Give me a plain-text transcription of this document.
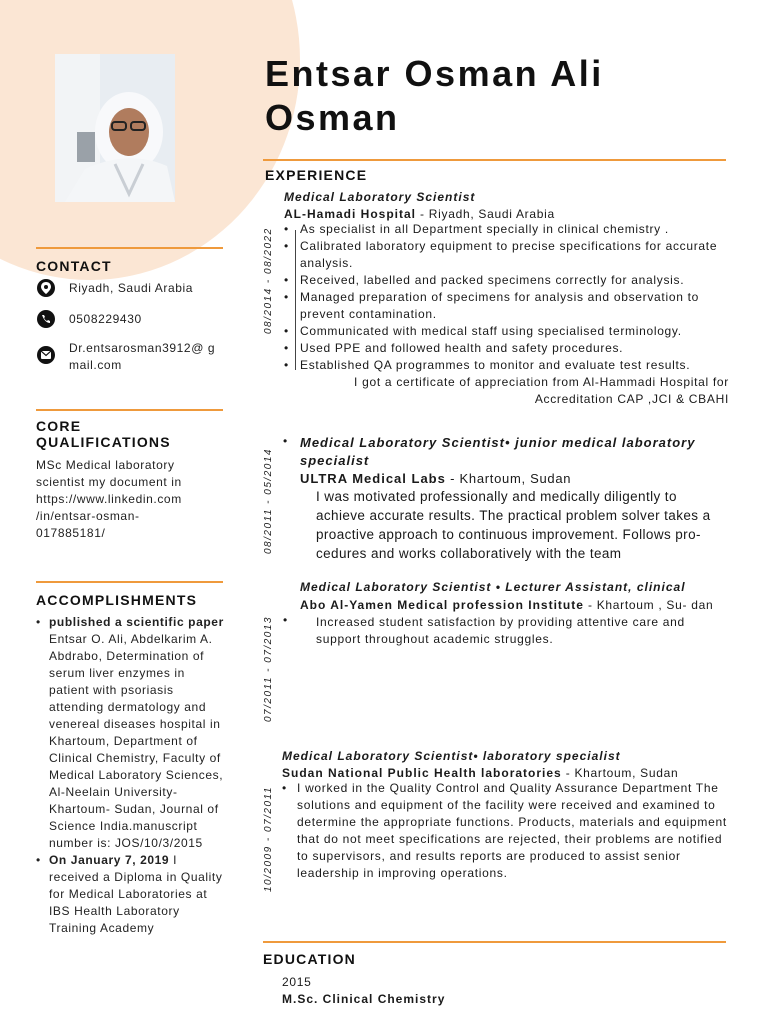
Entsar Osman Ali Osman
CONTACT
Riyadh, Saudi Arabia
0508229430
Dr.entsarosman3912@ gmail.com
CORE QUALIFICATIONS
MSc Medical laboratory scientist my document in https://www.linkedin.com /in/entsar-osman- 017885181/
ACCOMPLISHMENTS
• published a scientific paper
Entsar O. Ali, Abdelkarim A. Abdrabo, Determination of serum liver enzymes in patient with psoriasis attending dermatology and venereal diseases hospital in Khartoum, Department of Clinical Chemistry, Faculty of Medical Laboratory Sciences, Al-Neelain University- Khartoum- Sudan, Journal of Science India.manuscript number is: JOS/10/3/2015
• On January 7, 2019 I received a Diploma in Quality for Medical Laboratories at IBS Health Laboratory Training Academy
EXPERIENCE
08/2014 - 08/2022
Medical Laboratory Scientist
AL-Hamadi Hospital - Riyadh, Saudi Arabia
• As specialist in all Department specially in clinical chemistry .
• Calibrated laboratory equipment to precise specifications for accurate analysis.
• Received, labelled and packed specimens correctly for analysis.
• Managed preparation of specimens for analysis and observation to prevent contamination.
• Communicated with medical staff using specialised terminology.
• Used PPE and followed health and safety procedures.
• Established QA programmes to monitor and evaluate test results.
I got a certificate of appreciation from Al-Hammadi Hospital for Accreditation CAP ,JCI & CBAHI
08/2011 - 05/2014
• Medical Laboratory Scientist• junior medical laboratory specialist
ULTRA Medical Labs - Khartoum, Sudan
I was motivated professionally and medically diligently to achieve accurate results. The practical problem solver takes a proactive approach to continuous improvement. Follows pro- cedures and works collaboratively with the team
07/2011 - 07/2013 •
Medical Laboratory Scientist • Lecturer Assistant, clinical
Abo Al-Yamen Medical profession Institute - Khartoum , Su- dan
Increased student satisfaction by providing attentive care and support throughout academic struggles.
10/2009 - 07/2011
Medical Laboratory Scientist• laboratory specialist
Sudan National Public Health laboratories - Khartoum, Sudan
• I worked in the Quality Control and Quality Assurance Department The solutions and equipment of the facility were received and examined to determine the appropriate functions. Products, materials and equipment that do not meet specifications are rejected, their problems are notified to supervisors, and results reports are produced to assist senior leadership in improving operations.
EDUCATION
2015
M.Sc. Clinical Chemistry
